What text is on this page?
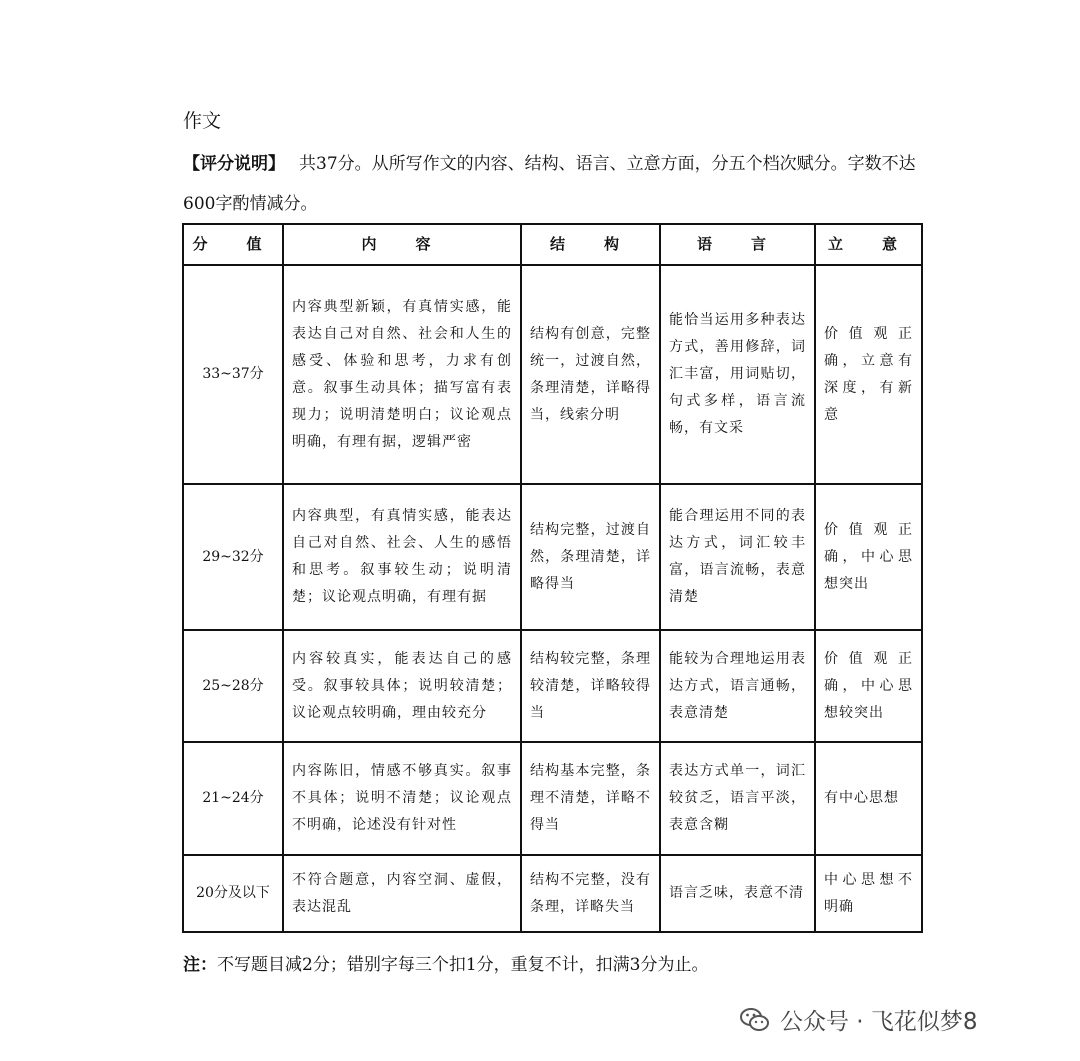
作文
【评分说明】 共37分。从所写作文的内容、结构、语言、立意方面，分五个档次赋分。字数不达600字酌情减分。
分　值	内　容	结　构	语　言	立　意
33~37分	内容典型新颖，有真情实感，能表达自己对自然、社会和人生的感受、体验和思考，力求有创意。叙事生动具体；描写富有表现力；说明清楚明白；议论观点明确，有理有据，逻辑严密	结构有创意，完整统一，过渡自然，条理清楚，详略得当，线索分明	能恰当运用多种表达方式，善用修辞，词汇丰富，用词贴切，句式多样，语言流畅，有文采	价值观正确，立意有深度，有新意
29~32分	内容典型，有真情实感，能表达自己对自然、社会、人生的感悟和思考。叙事较生动；说明清楚；议论观点明确，有理有据	结构完整，过渡自然，条理清楚，详略得当	能合理运用不同的表达方式，词汇较丰富，语言流畅，表意清楚	价值观正确，中心思想突出
25~28分	内容较真实，能表达自己的感受。叙事较具体；说明较清楚；议论观点较明确，理由较充分	结构较完整，条理较清楚，详略较得当	能较为合理地运用表达方式，语言通畅，表意清楚	价值观正确，中心思想较突出
21~24分	内容陈旧，情感不够真实。叙事不具体；说明不清楚；议论观点不明确，论述没有针对性	结构基本完整，条理不清楚，详略不得当	表达方式单一，词汇较贫乏，语言平淡，表意含糊	有中心思想
20分及以下	不符合题意，内容空洞、虚假，表达混乱	结构不完整，没有条理，详略失当	语言乏味，表意不清	中心思想不明确
注：不写题目减2分；错别字每三个扣1分，重复不计，扣满3分为止。
公众号 · 飞花似梦8
